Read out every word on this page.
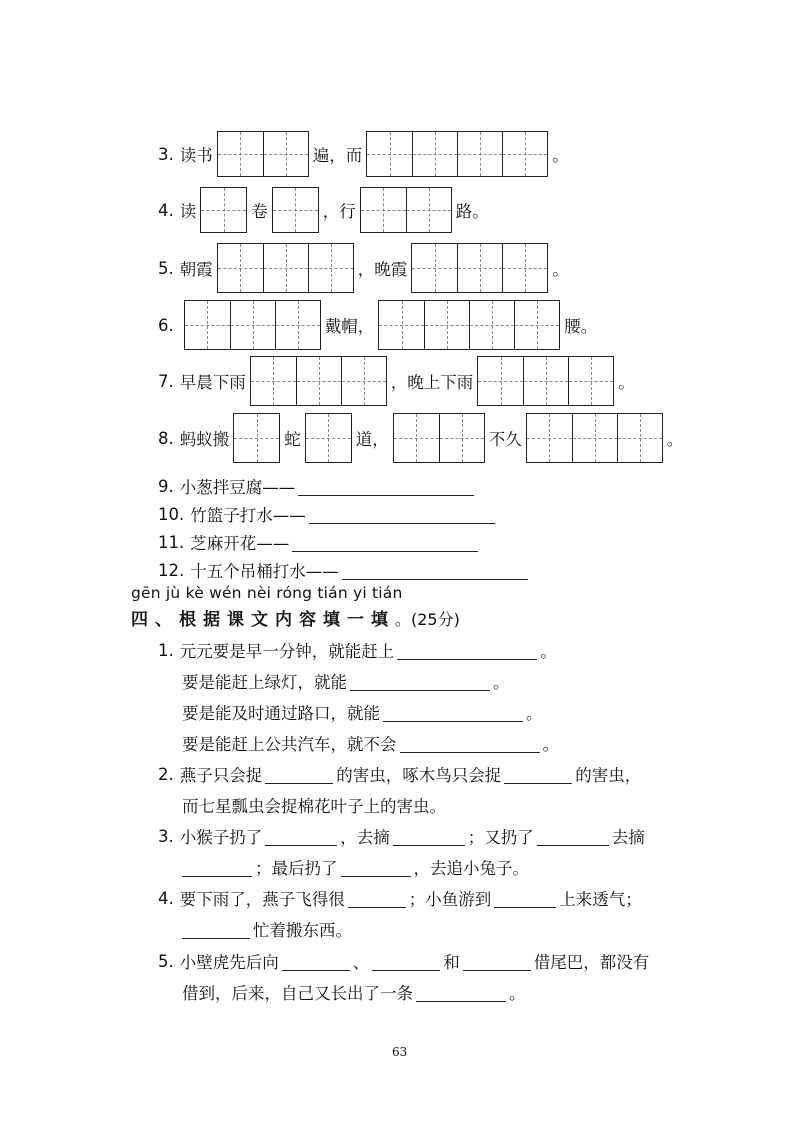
3. 读书	遍，而	。
4. 读	卷	，行	路。
5. 朝霞	，晚霞	。
6.	戴帽，	腰。
7. 早晨下雨	，晚上下雨	。
8. 蚂蚁搬	蛇	道，	不久	。
9. 小葱拌豆腐——
10. 竹篮子打水——
11. 芝麻开花——
12. 十五个吊桶打水——
gēn jù kè wén nèi róng tián yi tián
四、根据课文内容填一填 。(25分)
1. 元元要是早一分钟，就能赶上	。
要是能赶上绿灯，就能	。
要是能及时通过路口，就能	。
要是能赶上公共汽车，就不会	。
2. 燕子只会捉	的害虫，啄木鸟只会捉	的害虫，
而七星瓢虫会捉棉花叶子上的害虫。
3. 小猴子扔了	，去摘	；又扔了	去摘
；最后扔了	，去追小兔子。
4. 要下雨了，燕子飞得很	；小鱼游到	上来透气；
忙着搬东西。
5. 小壁虎先后向	、	和	借尾巴，都没有
借到，后来，自己又长出了一条	。
63
